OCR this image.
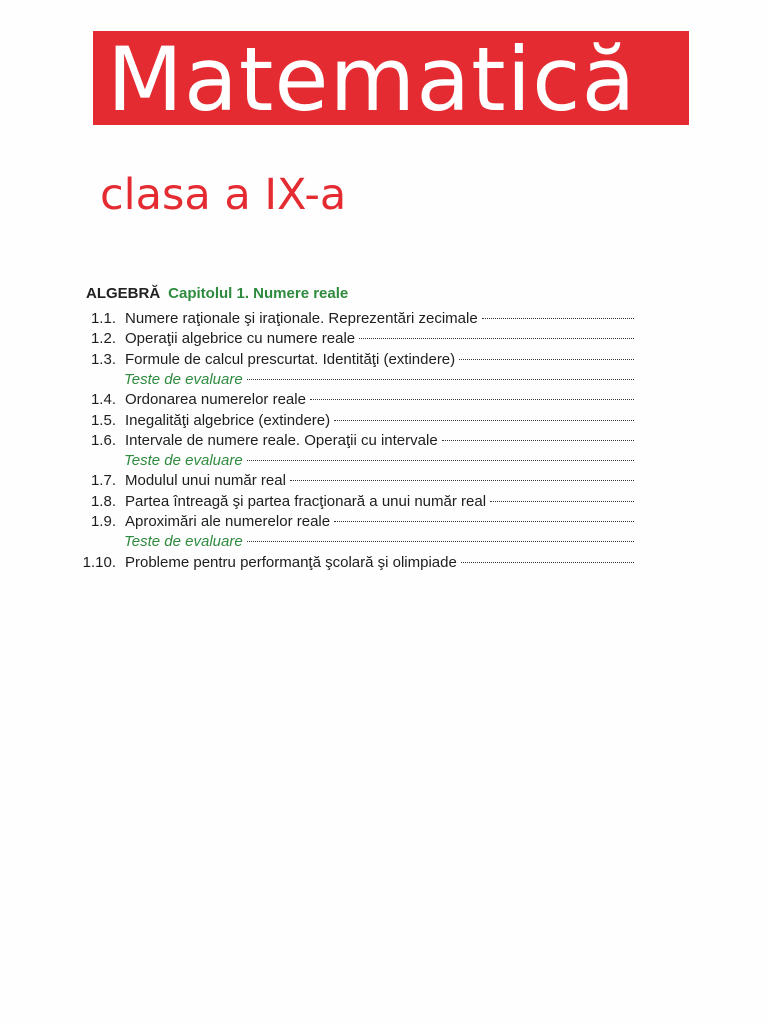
Matematică
clasa a IX-a
ALGEBRĂ Capitolul 1. Numere reale
1.1. Numere raţionale şi iraţionale. Reprezentări zecimale
1.2. Operaţii algebrice cu numere reale
1.3. Formule de calcul prescurtat. Identităţi (extindere)
Teste de evaluare
1.4. Ordonarea numerelor reale
1.5. Inegalităţi algebrice (extindere)
1.6. Intervale de numere reale. Operaţii cu intervale
Teste de evaluare
1.7. Modulul unui număr real
1.8. Partea întreagă şi partea fracţionară a unui număr real
1.9. Aproximări ale numerelor reale
Teste de evaluare
1.10. Probleme pentru performanţă şcolară şi olimpiade
